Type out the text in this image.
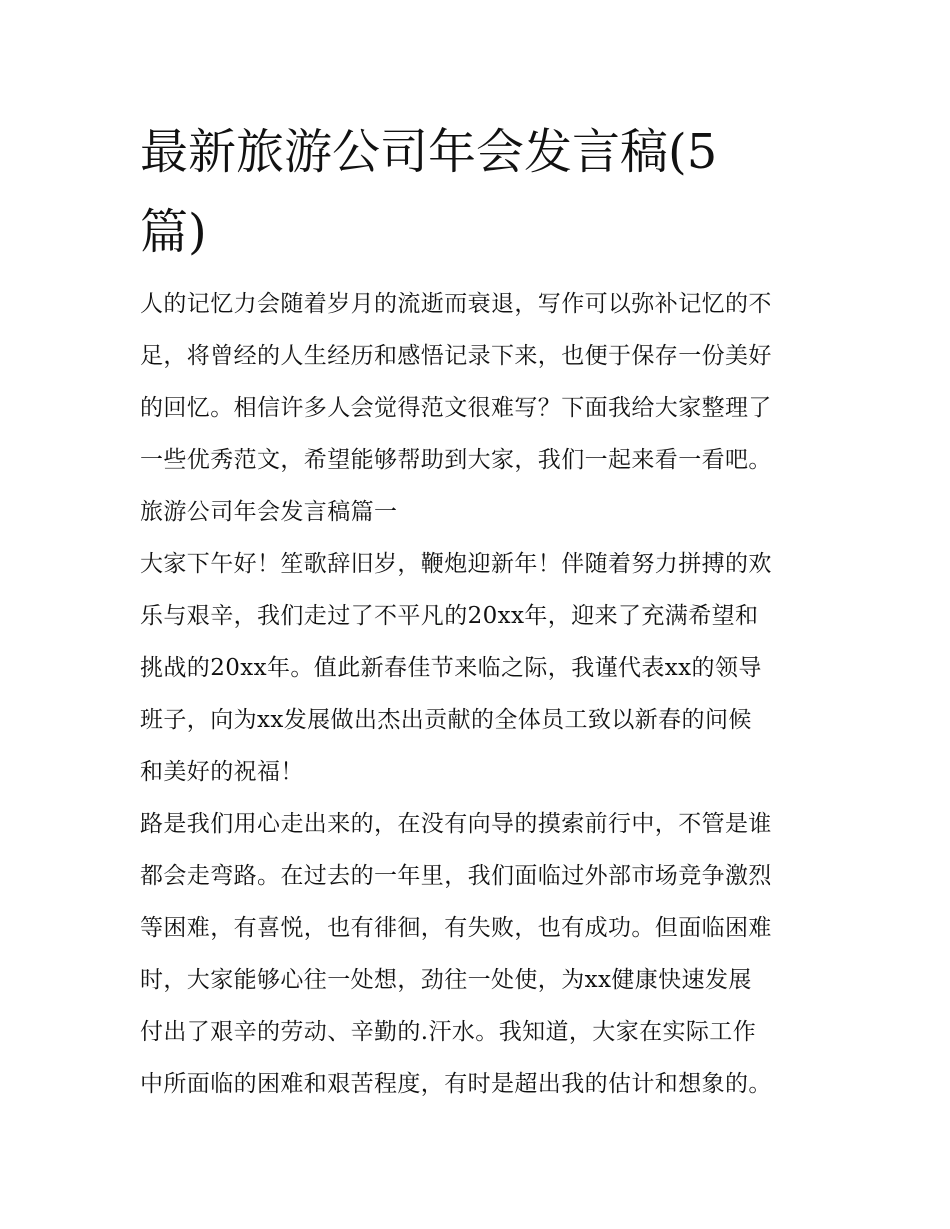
最新旅游公司年会发言稿(5
篇)

人的记忆力会随着岁月的流逝而衰退，写作可以弥补记忆的不
足，将曾经的人生经历和感悟记录下来，也便于保存一份美好
的回忆。相信许多人会觉得范文很难写？下面我给大家整理了
一些优秀范文，希望能够帮助到大家，我们一起来看一看吧。

旅游公司年会发言稿篇一

大家下午好！笙歌辞旧岁，鞭炮迎新年！伴随着努力拼搏的欢
乐与艰辛，我们走过了不平凡的20xx年，迎来了充满希望和
挑战的20xx年。值此新春佳节来临之际，我谨代表xx的领导
班子，向为xx发展做出杰出贡献的全体员工致以新春的问候
和美好的祝福！

路是我们用心走出来的，在没有向导的摸索前行中，不管是谁
都会走弯路。在过去的一年里，我们面临过外部市场竞争激烈
等困难，有喜悦，也有徘徊，有失败，也有成功。但面临困难
时，大家能够心往一处想，劲往一处使，为xx健康快速发展
付出了艰辛的劳动、辛勤的.汗水。我知道，大家在实际工作
中所面临的困难和艰苦程度，有时是超出我的估计和想象的。
